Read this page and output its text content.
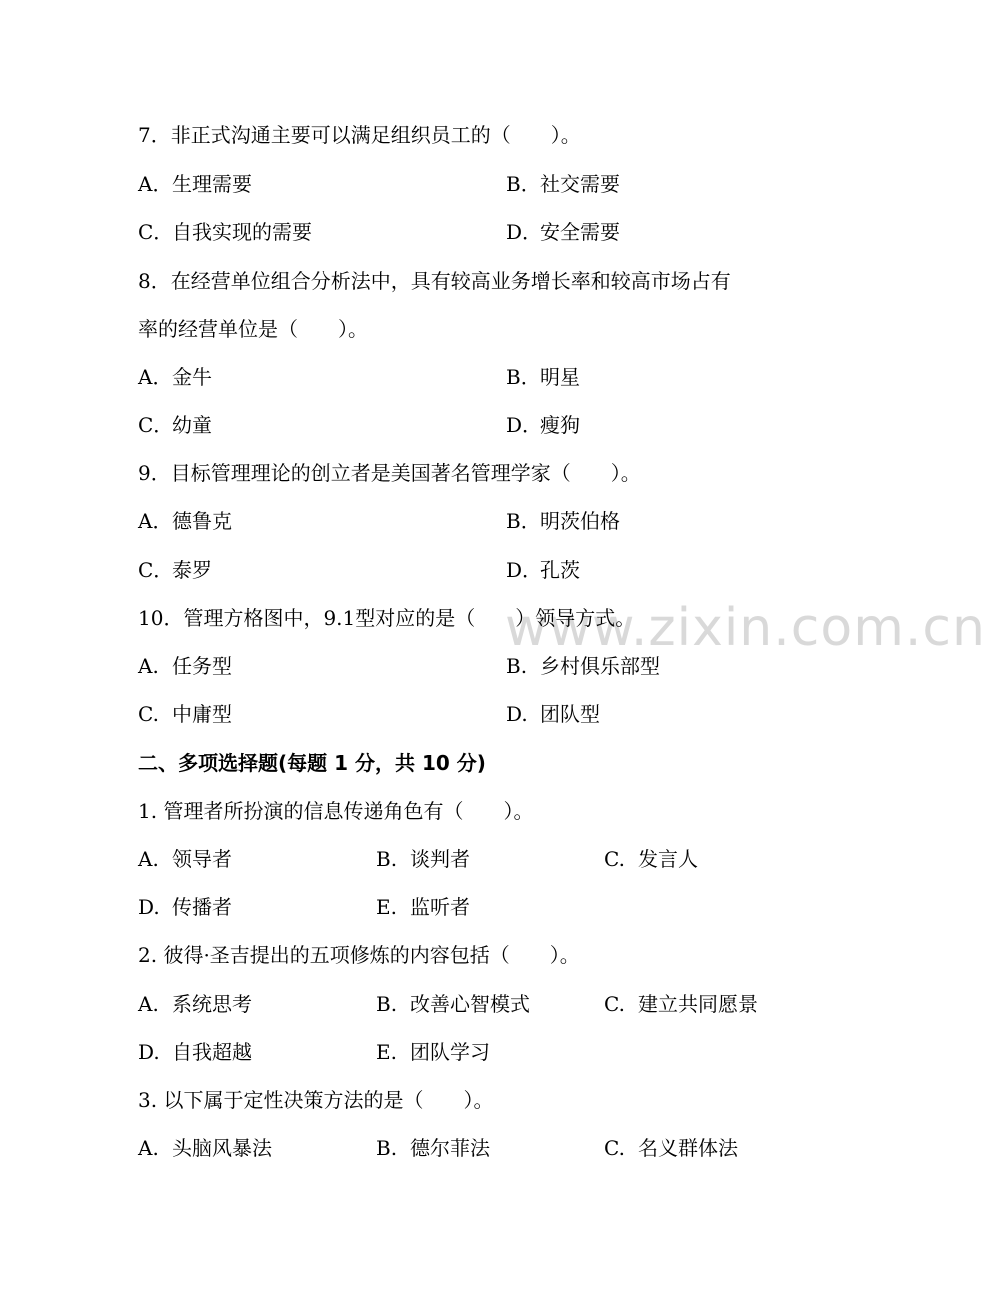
7．非正式沟通主要可以满足组织员工的（　　）。
A．生理需要	B．社交需要
C．自我实现的需要	D．安全需要
8．在经营单位组合分析法中，具有较高业务增长率和较高市场占有
率的经营单位是（　　）。
A．金牛	B．明星
C．幼童	D．瘦狗
9．目标管理理论的创立者是美国著名管理学家（　　）。
A．德鲁克	B．明茨伯格
C．泰罗	D．孔茨
www.zixin.com.cn
10．管理方格图中，9.1型对应的是（　　）领导方式。
A. 任务型	B. 乡村俱乐部型
C. 中庸型	D. 团队型
二、多项选择题(每题 1 分，共 10 分)
1. 管理者所扮演的信息传递角色有（　　）。
A. 领导者	B. 谈判者	C. 发言人
D. 传播者	E. 监听者
2. 彼得·圣吉提出的五项修炼的内容包括（　　）。
A. 系统思考	B. 改善心智模式	C. 建立共同愿景
D. 自我超越	E. 团队学习
3. 以下属于定性决策方法的是（　　）。
A. 头脑风暴法	B. 德尔菲法	C. 名义群体法
